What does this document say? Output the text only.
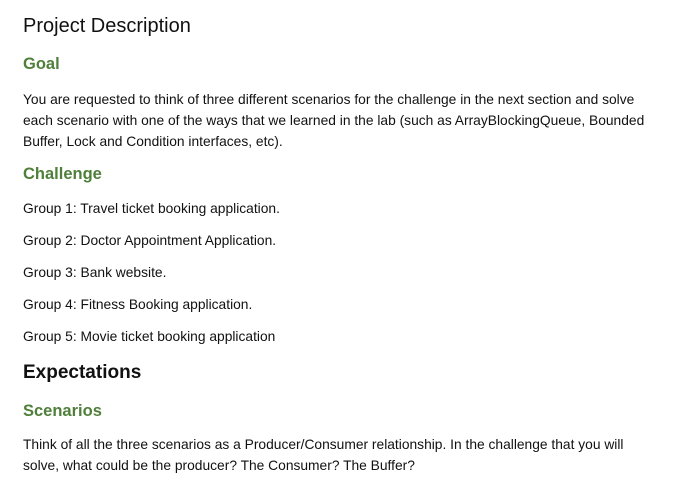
Project Description
Goal

You are requested to think of three different scenarios for the challenge in the next section and solve each scenario with one of the ways that we learned in the lab (such as ArrayBlockingQueue, Bounded Buffer, Lock and Condition interfaces, etc).

Challenge

Group 1: Travel ticket booking application.

Group 2: Doctor Appointment Application.

Group 3: Bank website.

Group 4: Fitness Booking application.

Group 5: Movie ticket booking application

Expectations
Scenarios

Think of all the three scenarios as a Producer/Consumer relationship. In the challenge that you will solve, what could be the producer? The Consumer? The Buffer?
